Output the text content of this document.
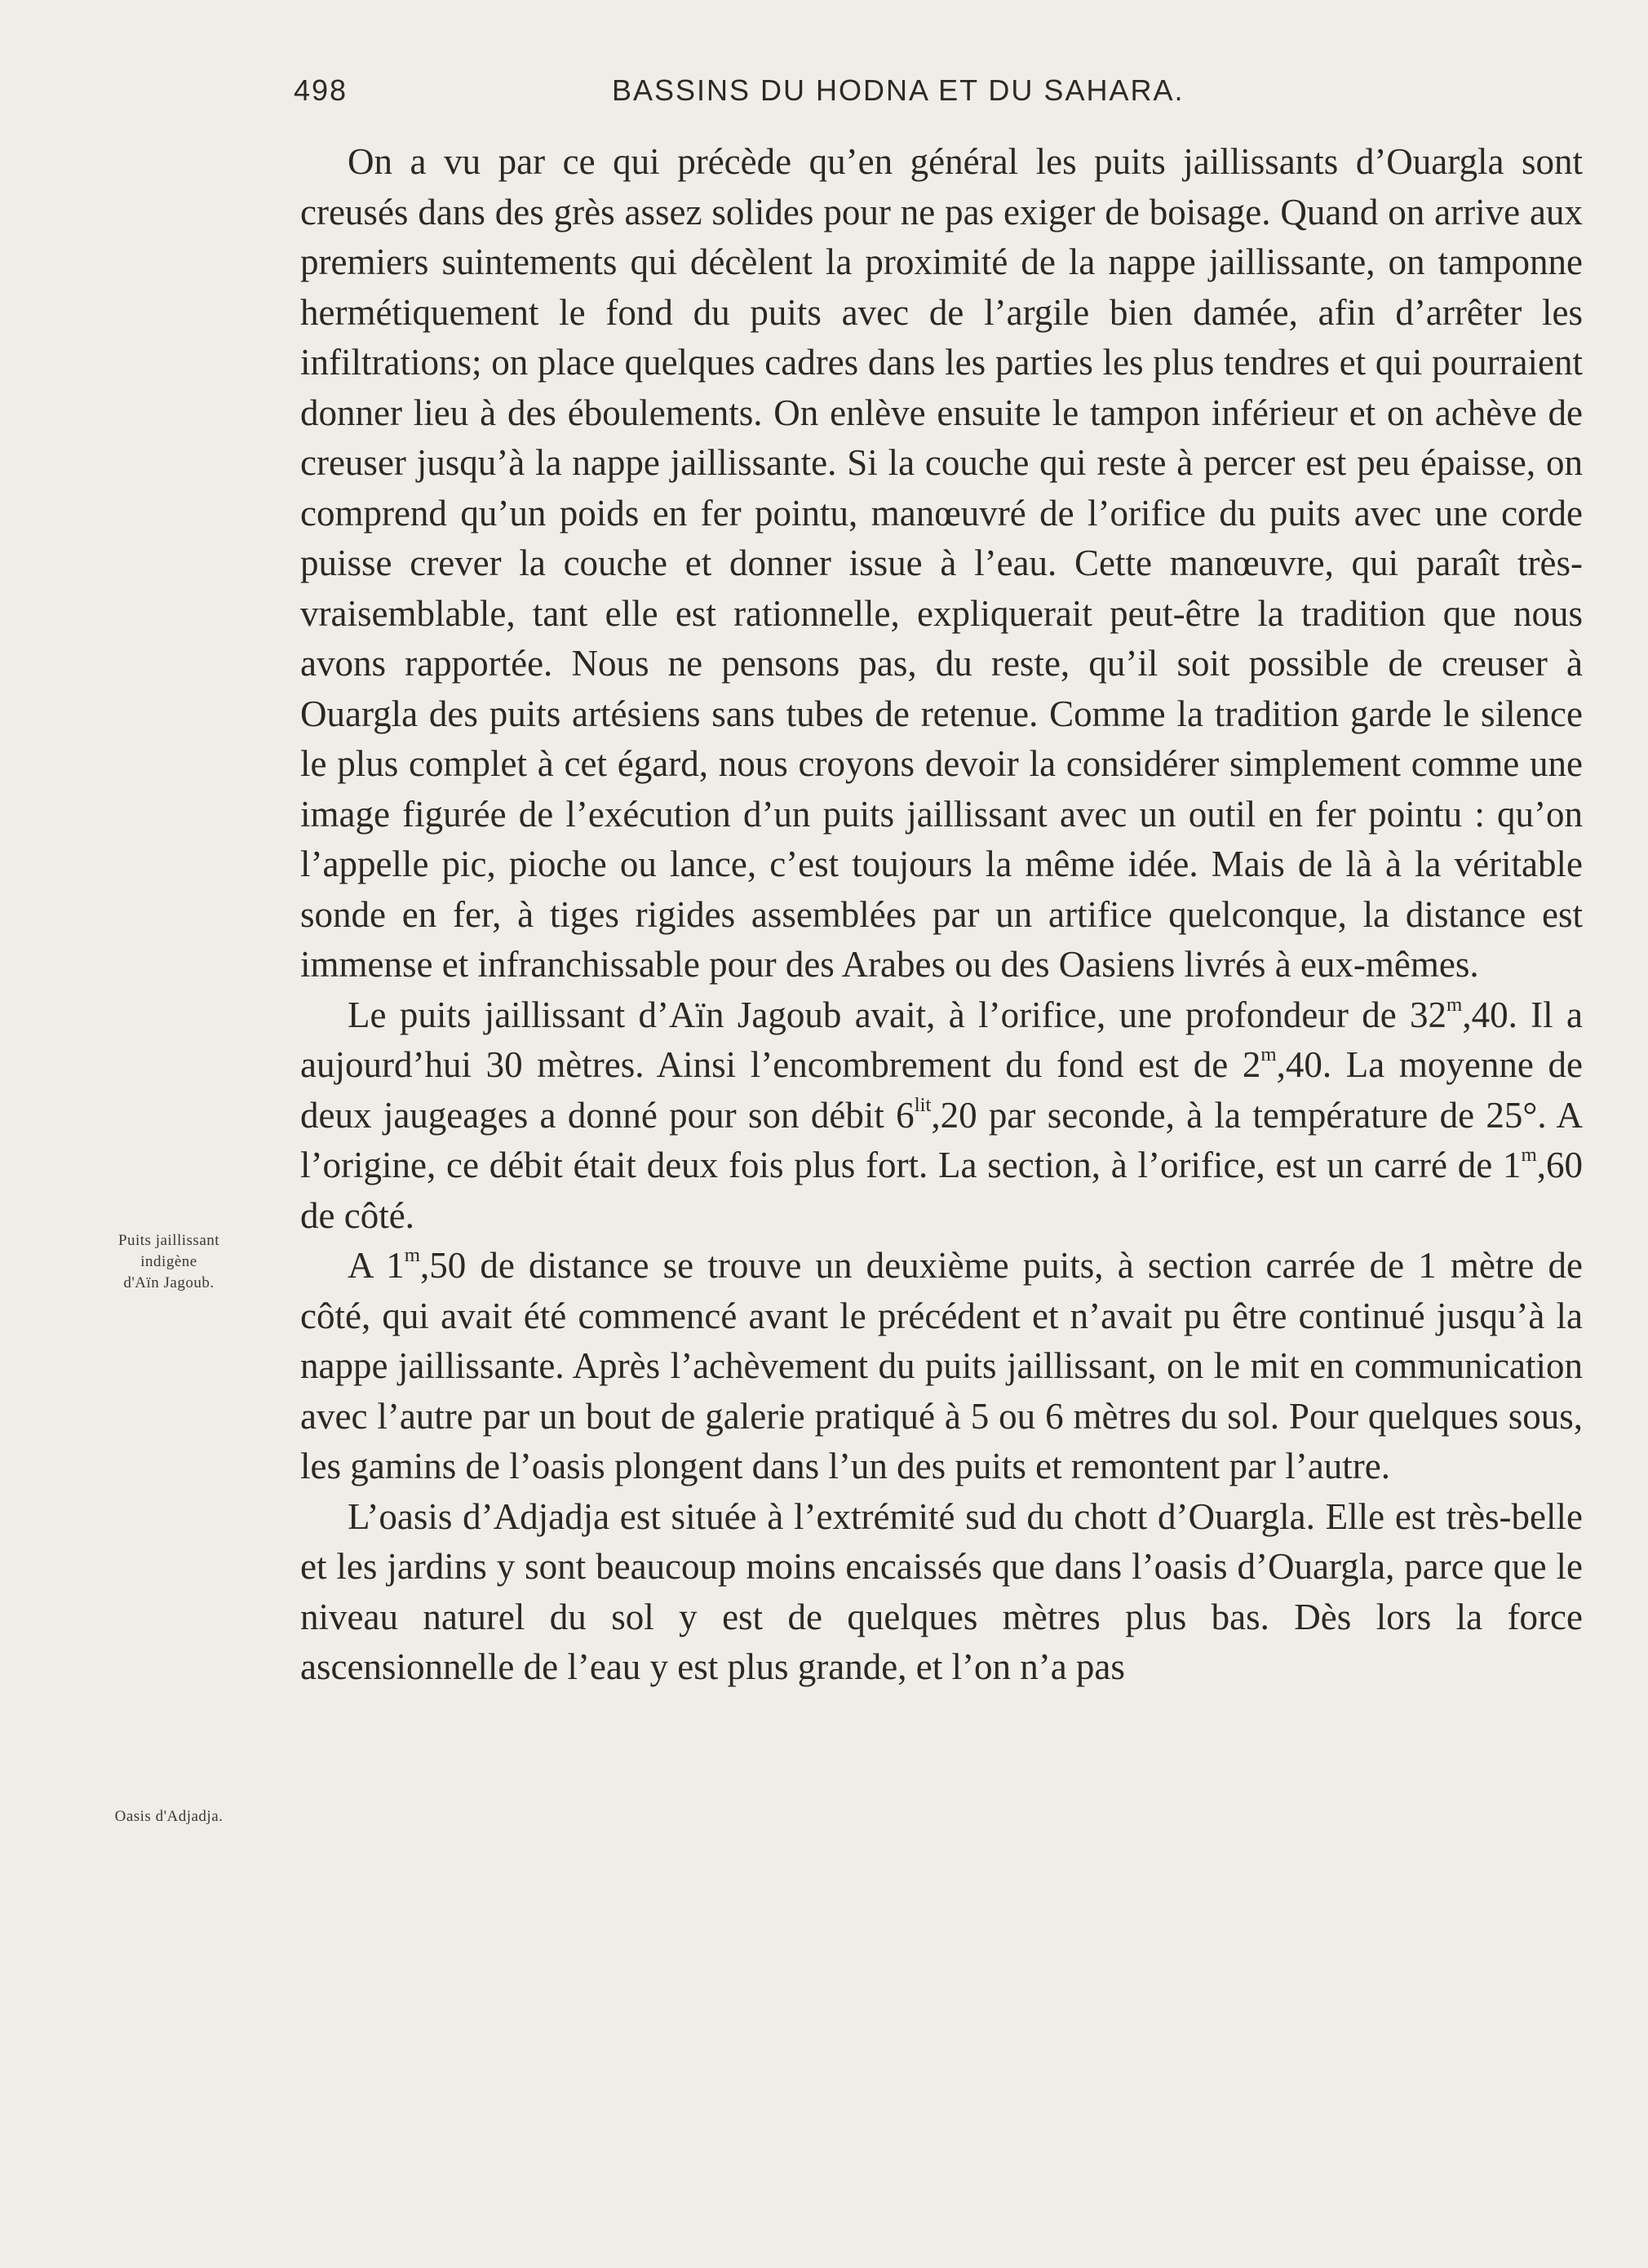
498	BASSINS DU HODNA ET DU SAHARA.
Puits jaillissant
indigène
d'Aïn Jagoub.
Oasis d'Adjadja.

On a vu par ce qui précède qu’en général les puits jaillissants d’Ouargla sont creusés dans des grès assez solides pour ne pas exiger de boisage. Quand on arrive aux premiers suintements qui décèlent la proximité de la nappe jaillissante, on tamponne hermétiquement le fond du puits avec de l’argile bien damée, afin d’arrêter les infiltrations; on place quelques cadres dans les parties les plus tendres et qui pourraient donner lieu à des éboulements. On enlève ensuite le tampon inférieur et on achève de creuser jusqu’à la nappe jaillissante. Si la couche qui reste à percer est peu épaisse, on comprend qu’un poids en fer pointu, manœuvré de l’orifice du puits avec une corde puisse crever la couche et donner issue à l’eau. Cette manœuvre, qui paraît très-vraisemblable, tant elle est rationnelle, expliquerait peut-être la tradition que nous avons rapportée. Nous ne pensons pas, du reste, qu’il soit possible de creuser à Ouargla des puits artésiens sans tubes de retenue. Comme la tradition garde le silence le plus complet à cet égard, nous croyons devoir la considérer simplement comme une image figurée de l’exécution d’un puits jaillissant avec un outil en fer pointu : qu’on l’appelle pic, pioche ou lance, c’est toujours la même idée. Mais de là à la véritable sonde en fer, à tiges rigides assemblées par un artifice quelconque, la distance est immense et infranchissable pour des Arabes ou des Oasiens livrés à eux-mêmes.

Le puits jaillissant d’Aïn Jagoub avait, à l’orifice, une profondeur de 32$^m$,40. Il a aujourd’hui 30 mètres. Ainsi l’encombrement du fond est de 2$^m$,40. La moyenne de deux jaugeages a donné pour son débit $6^{lit},20$ par seconde, à la température de 25°. A l’origine, ce débit était deux fois plus fort. La section, à l’orifice, est un carré de 1$^m$,60 de côté.

A 1$^m$,50 de distance se trouve un deuxième puits, à section carrée de 1 mètre de côté, qui avait été commencé avant le précédent et n’avait pu être continué jusqu’à la nappe jaillissante. Après l’achèvement du puits jaillissant, on le mit en communication avec l’autre par un bout de galerie pratiqué à 5 ou 6 mètres du sol. Pour quelques sous, les gamins de l’oasis plongent dans l’un des puits et remontent par l’autre.

L’oasis d’Adjadja est située à l’extrémité sud du chott d’Ouargla. Elle est très-belle et les jardins y sont beaucoup moins encaissés que dans l’oasis d’Ouargla, parce que le niveau naturel du sol y est de quelques mètres plus bas. Dès lors la force ascensionnelle de l’eau y est plus grande, et l’on n’a pas
